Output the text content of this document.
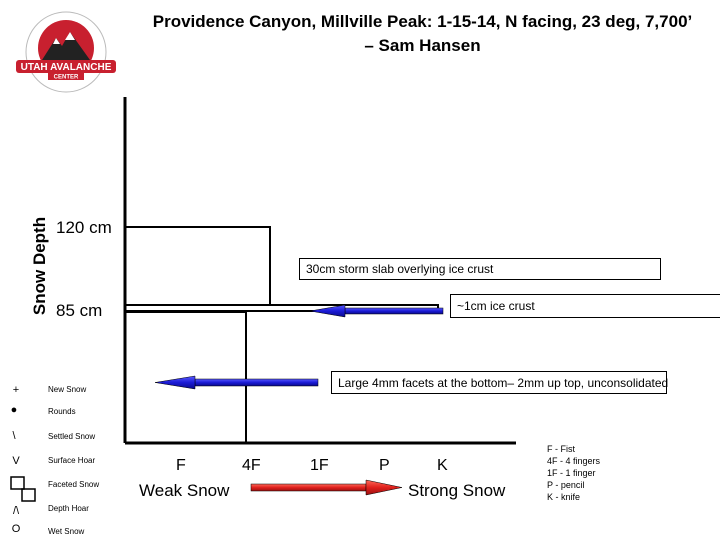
Providence Canyon, Millville Peak: 1-15-14, N facing, 23 deg, 7,700’ – Sam Hansen
UTAH AVALANCHE
CENTER
Snow Depth 120 cm
85 cm
30cm storm slab overlying ice crust
~1cm ice crust
Large 4mm facets at the bottom– 2mm up top, unconsolidated
F	4F	1F	P	K
Weak Snow	Strong Snow
F - Fist
4F - 4 fingers
1F - 1 finger
P - pencil
K - knife
+	New Snow
●	Rounds
\	Settled Snow
V	Surface Hoar
Faceted Snow
/\	Depth Hoar
O	Wet Snow
